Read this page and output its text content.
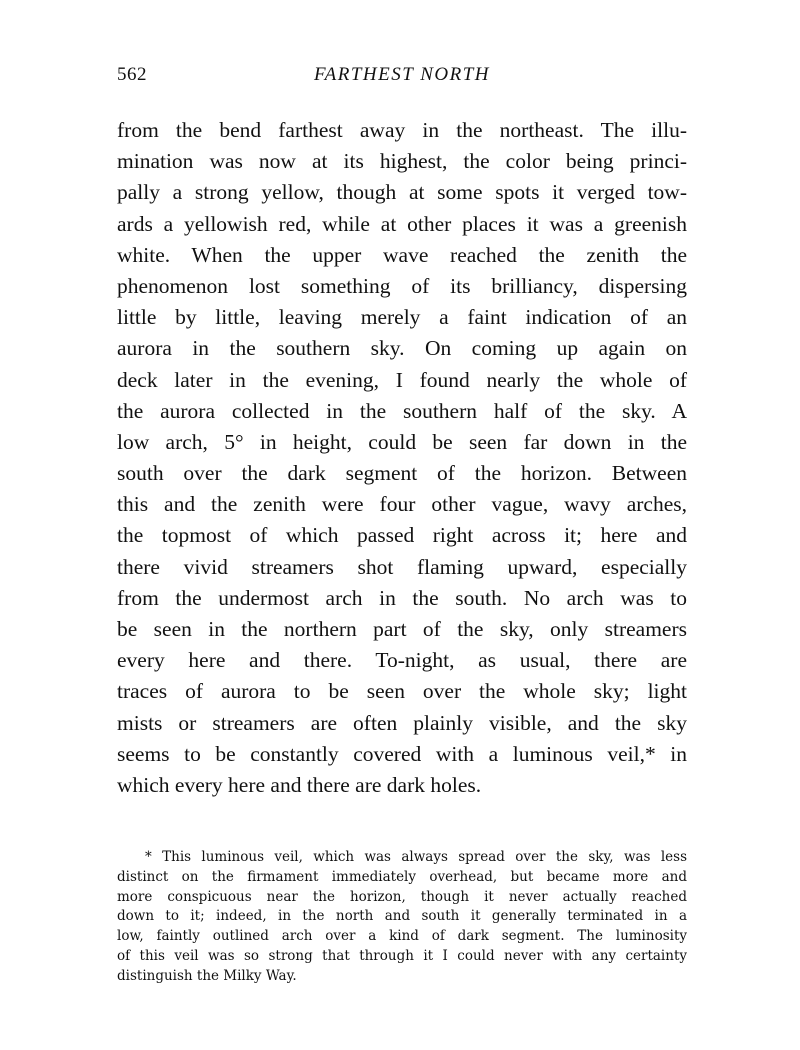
562	FARTHEST NORTH
from the bend farthest away in the northeast. The illu-
mination was now at its highest, the color being princi-
pally a strong yellow, though at some spots it verged tow-
ards a yellowish red, while at other places it was a greenish
white. When the upper wave reached the zenith the
phenomenon lost something of its brilliancy, dispersing
little by little, leaving merely a faint indication of an
aurora in the southern sky. On coming up again on
deck later in the evening, I found nearly the whole of
the aurora collected in the southern half of the sky. A
low arch, 5° in height, could be seen far down in the
south over the dark segment of the horizon. Between
this and the zenith were four other vague, wavy arches,
the topmost of which passed right across it; here and
there vivid streamers shot flaming upward, especially
from the undermost arch in the south. No arch was to
be seen in the northern part of the sky, only streamers
every here and there. To-night, as usual, there are
traces of aurora to be seen over the whole sky; light
mists or streamers are often plainly visible, and the sky
seems to be constantly covered with a luminous veil,* in
which every here and there are dark holes.
* This luminous veil, which was always spread over the sky, was less
distinct on the firmament immediately overhead, but became more and
more conspicuous near the horizon, though it never actually reached
down to it; indeed, in the north and south it generally terminated in a
low, faintly outlined arch over a kind of dark segment. The luminosity
of this veil was so strong that through it I could never with any certainty
distinguish the Milky Way.
